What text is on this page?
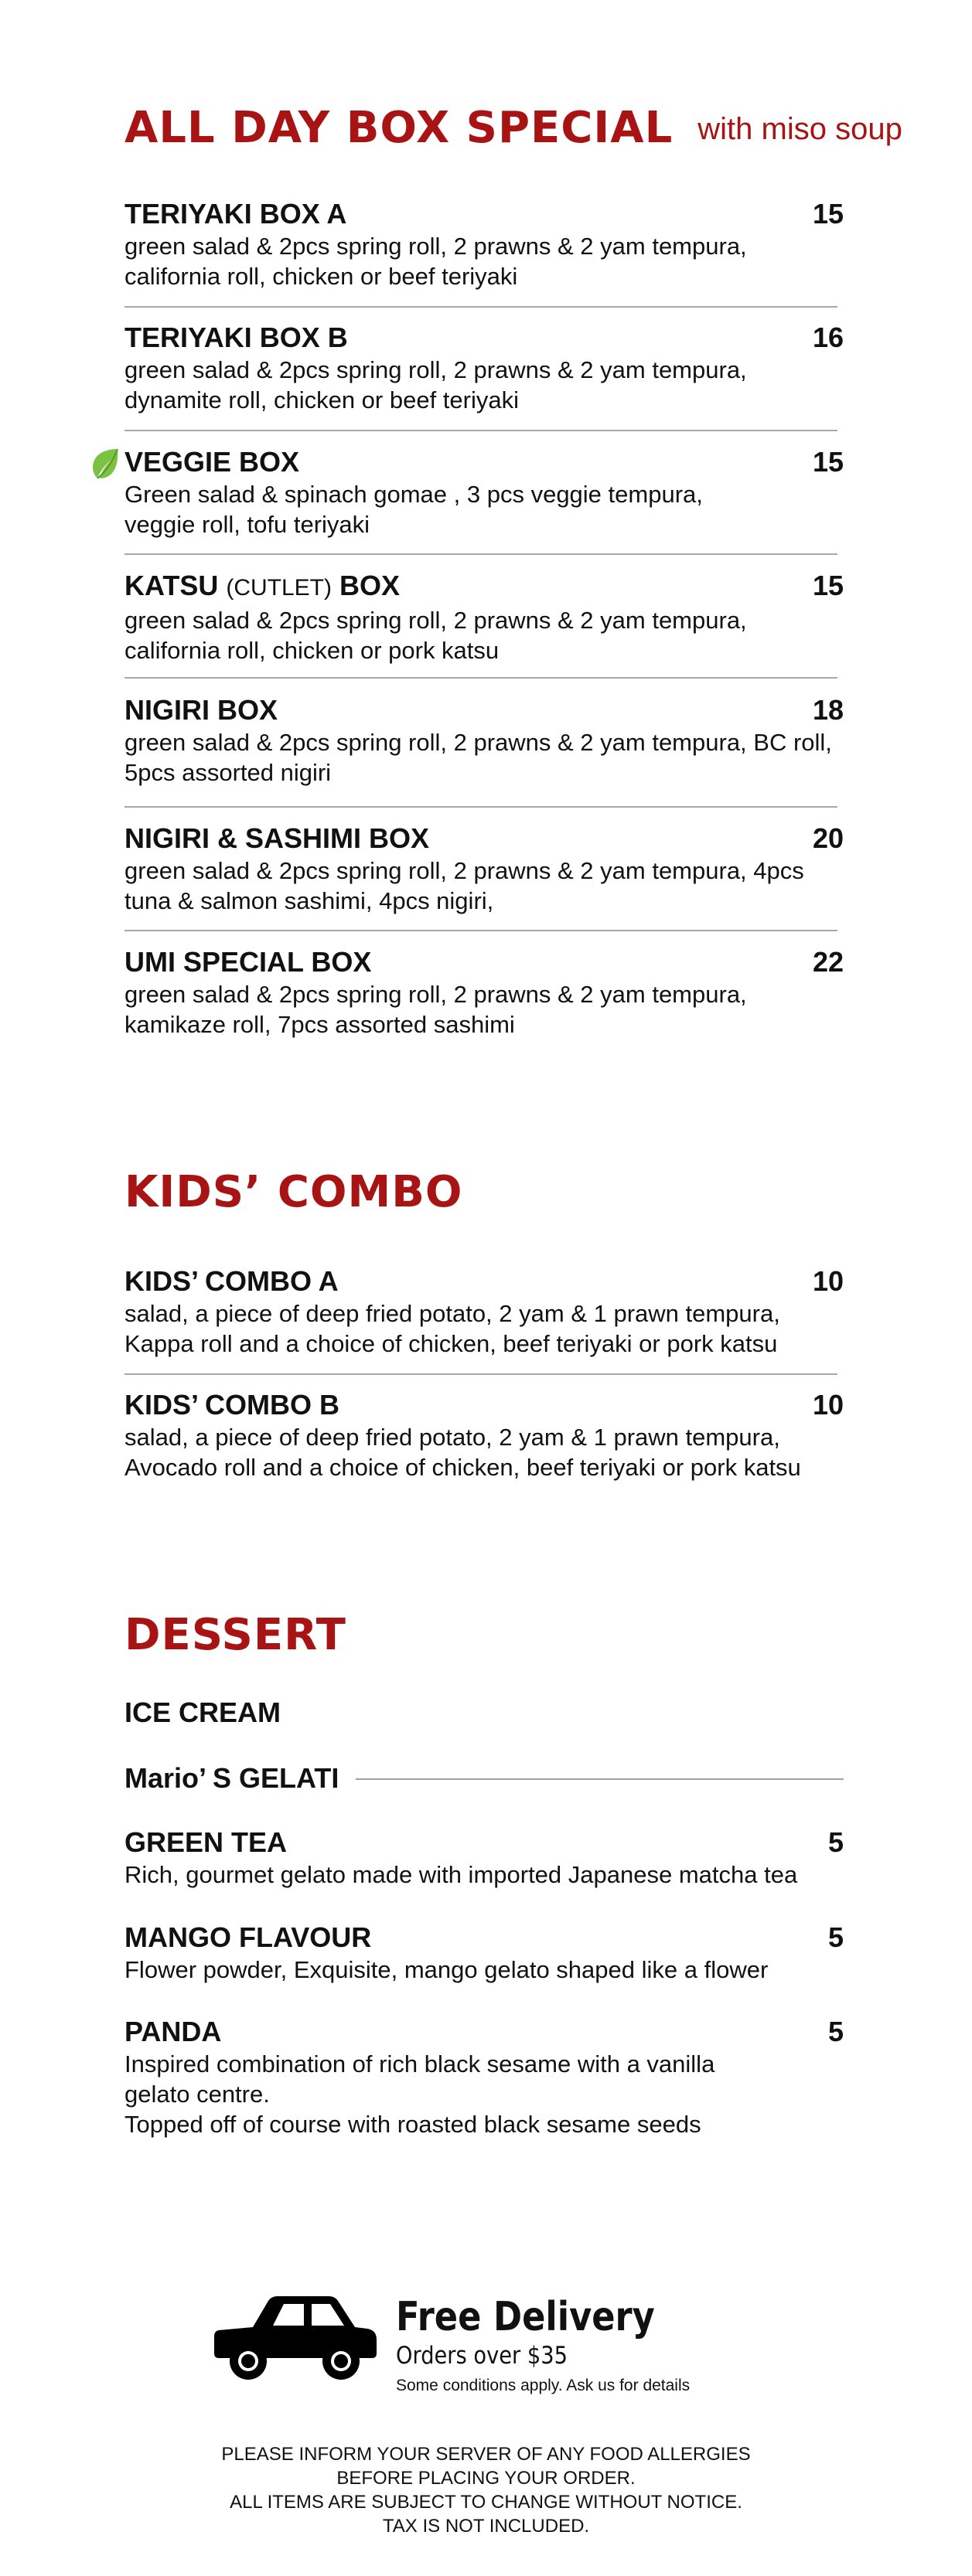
ALL DAY BOX SPECIAL with miso soup
TERIYAKI BOX A	15
green salad & 2pcs spring roll, 2 prawns & 2 yam tempura,
california roll, chicken or beef teriyaki
TERIYAKI BOX B	16
green salad & 2pcs spring roll, 2 prawns & 2 yam tempura,
dynamite roll, chicken or beef teriyaki
VEGGIE BOX	15
Green salad & spinach gomae , 3 pcs veggie tempura,
veggie roll, tofu teriyaki
KATSU (CUTLET) BOX	15
green salad & 2pcs spring roll, 2 prawns & 2 yam tempura,
california roll, chicken or pork katsu
NIGIRI BOX	18
green salad & 2pcs spring roll, 2 prawns & 2 yam tempura, BC roll,
5pcs assorted nigiri
NIGIRI & SASHIMI BOX	20
green salad & 2pcs spring roll, 2 prawns & 2 yam tempura, 4pcs
tuna & salmon sashimi, 4pcs nigiri,
UMI SPECIAL BOX	22
green salad & 2pcs spring roll, 2 prawns & 2 yam tempura,
kamikaze roll, 7pcs assorted sashimi
KIDS’ COMBO
KIDS’ COMBO A	10
salad, a piece of deep fried potato, 2 yam & 1 prawn tempura,
Kappa roll and a choice of chicken, beef teriyaki or pork katsu
KIDS’ COMBO B	10
salad, a piece of deep fried potato, 2 yam & 1 prawn tempura,
Avocado roll and a choice of chicken, beef teriyaki or pork katsu
DESSERT
ICE CREAM
Mario’ S GELATI
GREEN TEA	5
Rich, gourmet gelato made with imported Japanese matcha tea
MANGO FLAVOUR	5
Flower powder, Exquisite, mango gelato shaped like a flower
PANDA	5
Inspired combination of rich black sesame with a vanilla
gelato centre.
Topped off of course with roasted black sesame seeds
Free Delivery
Orders over $35
Some conditions apply. Ask us for details
PLEASE INFORM YOUR SERVER OF ANY FOOD ALLERGIES
BEFORE PLACING YOUR ORDER.
ALL ITEMS ARE SUBJECT TO CHANGE WITHOUT NOTICE.
TAX IS NOT INCLUDED.
